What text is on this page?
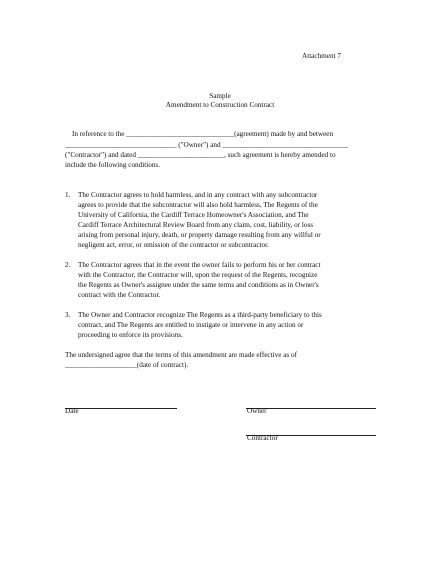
Attachment 7
Sample
Amendment to Construction Contract
In reference to the ______________________________(agreement) made by and between
_______________________________ ("Owner") and ___________________________________
("Contractor") and dated ________________________, such agreement is hereby amended to
include the following conditions.
1. The Contractor agrees to hold harmless, and in any contract with any subcontractor
agrees to provide that the subcontractor will also hold harmless, The Regents of the
University of California, the Cardiff Terrace Homeowner's Association, and The
Cardiff Terrace Architectural Review Board from any claim, cost, liability, or loss
arising from personal injury, death, or property damage resulting from any willful or
negligent act, error, or omission of the contractor or subcontractor.
2. The Contractor agrees that in the event the owner fails to perform his or her contract
with the Contractor, the Contractor will, upon the request of the Regents, recognize
the Regents as Owner's assignee under the same terms and conditions as in Owner's
contract with the Contractor.
3. The Owner and Contractor recognize The Regents as a third-party beneficiary to this
contract, and The Regents are entitled to instigate or intervene in any action or
proceeding to enforce its provisions.
The undersigned agree that the terms of this amendment are made effective as of
____________________(date of contract).
Date	Owner
Contractor
